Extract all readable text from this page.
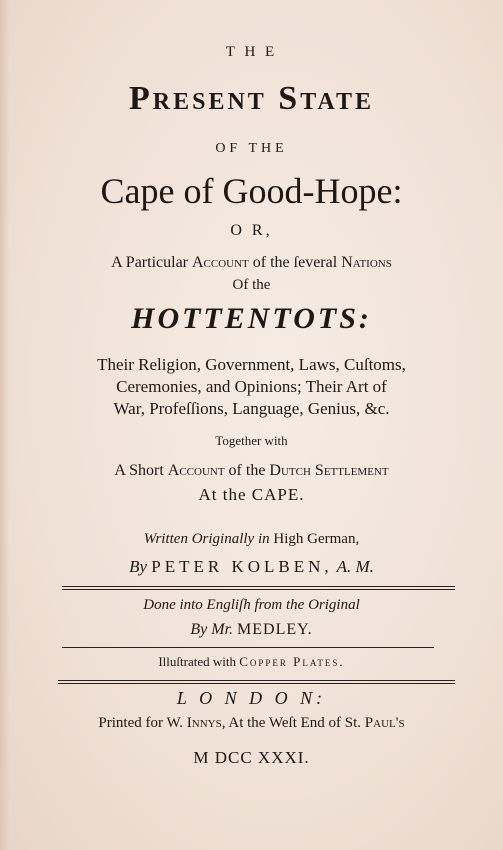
T H E
Present State
OF THE
Cape of Good-Hope:
O R,
A Particular Account of the ſeveral Nations
Of the
HOTTENTOTS:
Their Religion, Government, Laws, Cuſtoms,
Ceremonies, and Opinions; Their Art of
War, Profeſſions, Language, Genius, &c.
Together with
A Short Account of the Dutch Settlement
At the CAPE.
Written Originally in High German,
By PETER KOLBEN, A. M.
Done into Engliſh from the Original
By Mr. MEDLEY.
Illuſtrated with Copper Plates.
L O N D O N:
Printed for W. Innys, At the Weſt End of St. Paul's
M DCC XXXI.
